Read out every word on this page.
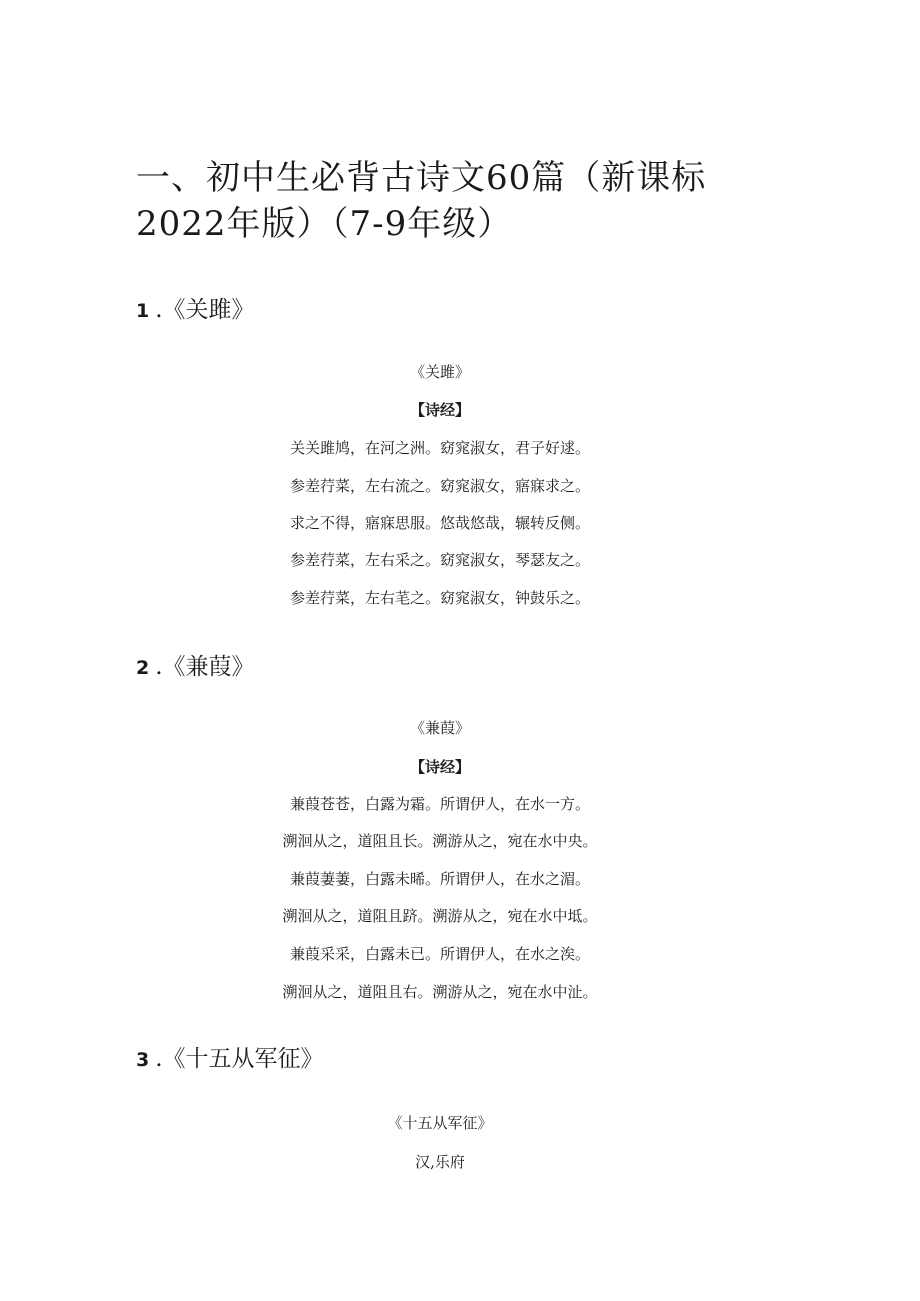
一、初中生必背古诗文60篇（新课标 2022年版）（7-9年级）
1 .《关雎》

《关雎》

【诗经】

关关雎鸠，在河之洲。窈窕淑女，君子好逑。

参差荇菜，左右流之。窈窕淑女，寤寐求之。

求之不得，寤寐思服。悠哉悠哉，辗转反侧。

参差荇菜，左右采之。窈窕淑女，琴瑟友之。

参差荇菜，左右芼之。窈窕淑女，钟鼓乐之。

2 .《兼葭》

《兼葭》

【诗经】

兼葭苍苍，白露为霜。所谓伊人，在水一方。

溯洄从之，道阻且长。溯游从之，宛在水中央。

兼葭萋萋，白露未晞。所谓伊人，在水之湄。

溯洄从之，道阻且跻。溯游从之，宛在水中坻。

兼葭采采，白露未已。所谓伊人，在水之涘。

溯洄从之，道阻且右。溯游从之，宛在水中沚。

3 .《十五从军征》

《十五从军征》

汉,乐府
